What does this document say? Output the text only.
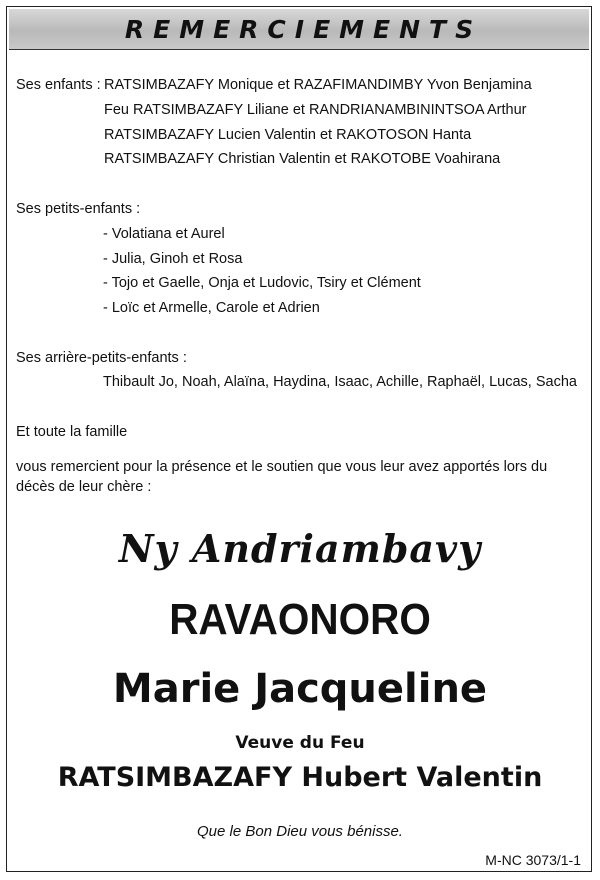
REMERCIEMENTS
Ses enfants : RATSIMBAZAFY Monique et RAZAFIMANDIMBY Yvon Benjamina
Feu RATSIMBAZAFY Liliane et RANDRIANAMBININTSOA Arthur
RATSIMBAZAFY Lucien Valentin et RAKOTOSON Hanta
RATSIMBAZAFY Christian Valentin et RAKOTOBE Voahirana
Ses petits-enfants :
- Volatiana et Aurel
- Julia, Ginoh et Rosa
- Tojo et Gaelle, Onja et Ludovic, Tsiry et Clément
- Loïc et Armelle, Carole et Adrien
Ses arrière-petits-enfants :
Thibault Jo, Noah, Alaïna, Haydina, Isaac, Achille, Raphaël, Lucas, Sacha
Et toute la famille
vous remercient pour la présence et le soutien que vous leur avez apportés lors du décès de leur chère :
Ny Andriambavy
RAVAONORO
Marie Jacqueline
Veuve du Feu
RATSIMBAZAFY Hubert Valentin
Que le Bon Dieu vous bénisse.
M-NC 3073/1-1
